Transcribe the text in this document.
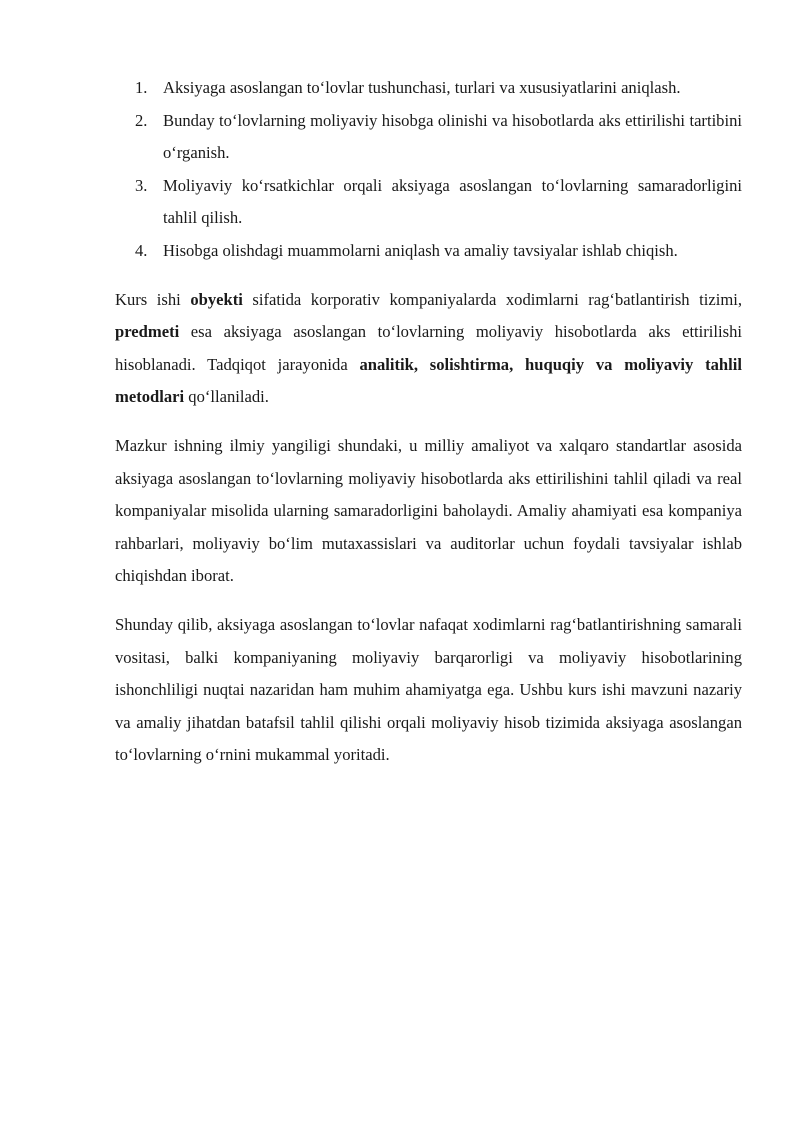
1. Aksiyaga asoslangan to‘lovlar tushunchasi, turlari va xususiyatlarini aniqlash.
2. Bunday to‘lovlarning moliyaviy hisobga olinishi va hisobotlarda aks ettirilishi tartibini o‘rganish.
3. Moliyaviy ko‘rsatkichlar orqali aksiyaga asoslangan to‘lovlarning samaradorligini tahlil qilish.
4. Hisobga olishdagi muammolarni aniqlash va amaliy tavsiyalar ishlab chiqish.

Kurs ishi obyekti sifatida korporativ kompaniyalarda xodimlarni rag‘batlantirish tizimi, predmeti esa aksiyaga asoslangan to‘lovlarning moliyaviy hisobotlarda aks ettirilishi hisoblanadi. Tadqiqot jarayonida analitik, solishtirma, huquqiy va moliyaviy tahlil metodlari qo‘llaniladi.

Mazkur ishning ilmiy yangiligi shundaki, u milliy amaliyot va xalqaro standartlar asosida aksiyaga asoslangan to‘lovlarning moliyaviy hisobotlarda aks ettirilishini tahlil qiladi va real kompaniyalar misolida ularning samaradorligini baholaydi. Amaliy ahamiyati esa kompaniya rahbarlari, moliyaviy bo‘lim mutaxassislari va auditorlar uchun foydali tavsiyalar ishlab chiqishdan iborat.

Shunday qilib, aksiyaga asoslangan to‘lovlar nafaqat xodimlarni rag‘batlantirishning samarali vositasi, balki kompaniyaning moliyaviy barqarorligi va moliyaviy hisobotlarining ishonchliligi nuqtai nazaridan ham muhim ahamiyatga ega. Ushbu kurs ishi mavzuni nazariy va amaliy jihatdan batafsil tahlil qilishi orqali moliyaviy hisob tizimida aksiyaga asoslangan to‘lovlarning o‘rnini mukammal yoritadi.
